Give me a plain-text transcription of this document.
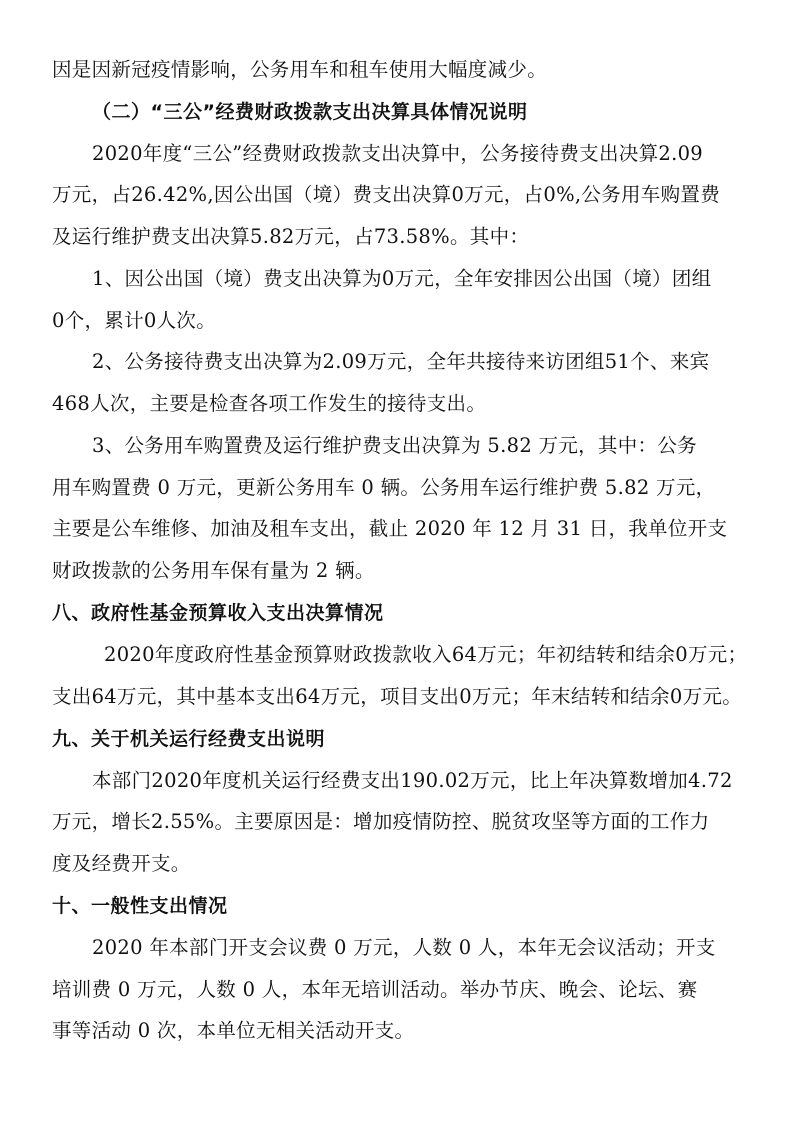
因是因新冠疫情影响，公务用车和租车使用大幅度减少。
（二）“三公”经费财政拨款支出决算具体情况说明
2020年度“三公”经费财政拨款支出决算中，公务接待费支出决算2.09
万元，占26.42%,因公出国（境）费支出决算0万元，占0%,公务用车购置费
及运行维护费支出决算5.82万元，占73.58%。其中：
1、因公出国（境）费支出决算为0万元，全年安排因公出国（境）团组
0个，累计0人次。
2、公务接待费支出决算为2.09万元，全年共接待来访团组51个、来宾
468人次，主要是检查各项工作发生的接待支出。
3、公务用车购置费及运行维护费支出决算为 5.82 万元，其中：公务
用车购置费 0 万元，更新公务用车 0 辆。公务用车运行维护费 5.82 万元，
主要是公车维修、加油及租车支出，截止 2020 年 12 月 31 日，我单位开支
财政拨款的公务用车保有量为 2 辆。
八、政府性基金预算收入支出决算情况
2020年度政府性基金预算财政拨款收入64万元；年初结转和结余0万元；
支出64万元，其中基本支出64万元，项目支出0万元；年末结转和结余0万元。
九、关于机关运行经费支出说明
本部门2020年度机关运行经费支出190.02万元，比上年决算数增加4.72
万元，增长2.55%。主要原因是：增加疫情防控、脱贫攻坚等方面的工作力
度及经费开支。
十、一般性支出情况
2020 年本部门开支会议费 0 万元，人数 0 人，本年无会议活动；开支
培训费 0 万元，人数 0 人，本年无培训活动。举办节庆、晚会、论坛、赛
事等活动 0 次，本单位无相关活动开支。
